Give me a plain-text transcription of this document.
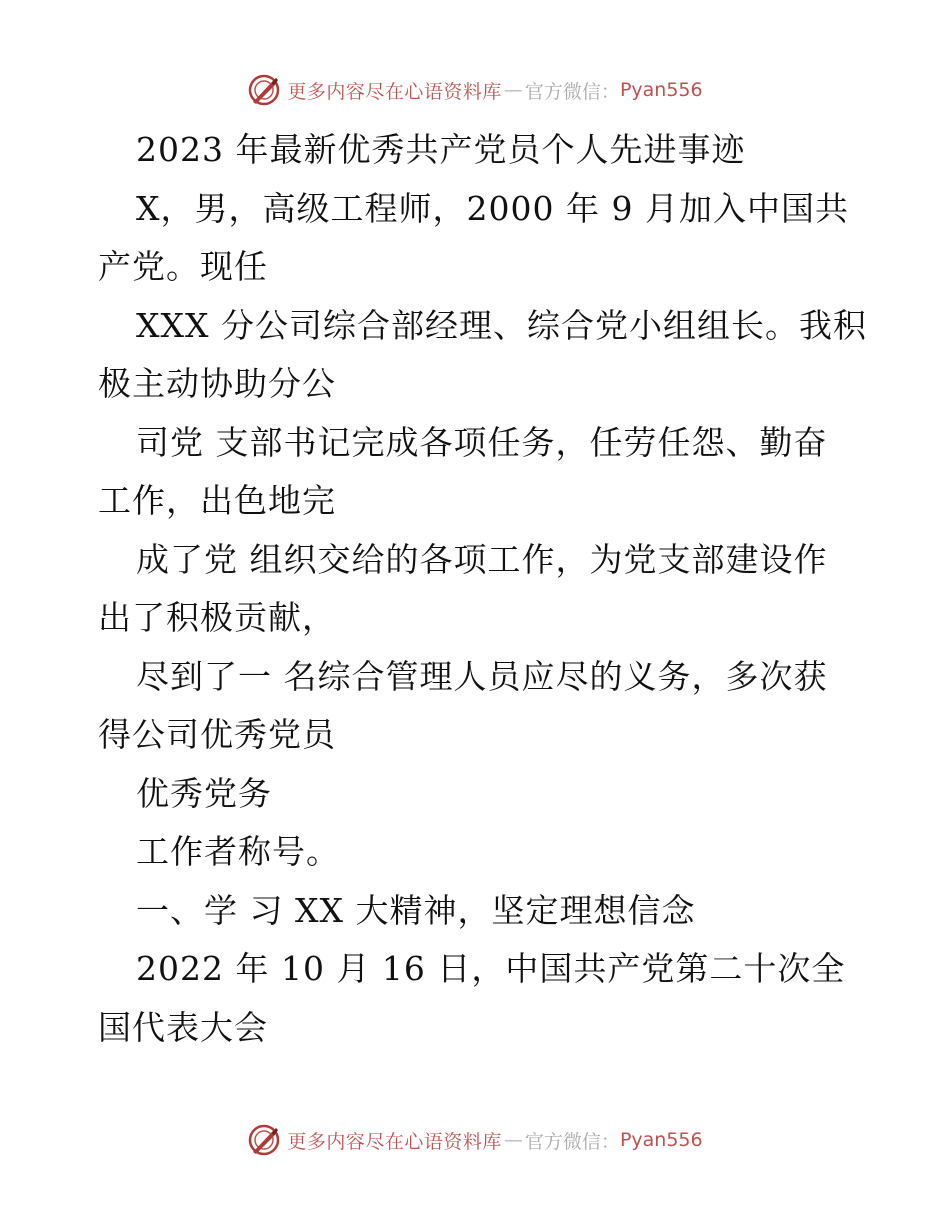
更多内容尽在心语资料库 — 官方微信： Pyan556
2023 年最新优秀共产党员个人先进事迹
X，男，高级工程师，2000 年 9 月加入中国共
产党。现任
XXX 分公司综合部经理、综合党小组组长。我积
极主动协助分公
司党 支部书记完成各项任务，任劳任怨、勤奋
工作，出色地完
成了党 组织交给的各项工作，为党支部建设作
出了积极贡献，
尽到了一 名综合管理人员应尽的义务，多次获
得公司优秀党员
优秀党务
工作者称号。
一、学 习 XX 大精神，坚定理想信念
2022 年 10 月 16 日，中国共产党第二十次全
国代表大会
更多内容尽在心语资料库 — 官方微信： Pyan556
